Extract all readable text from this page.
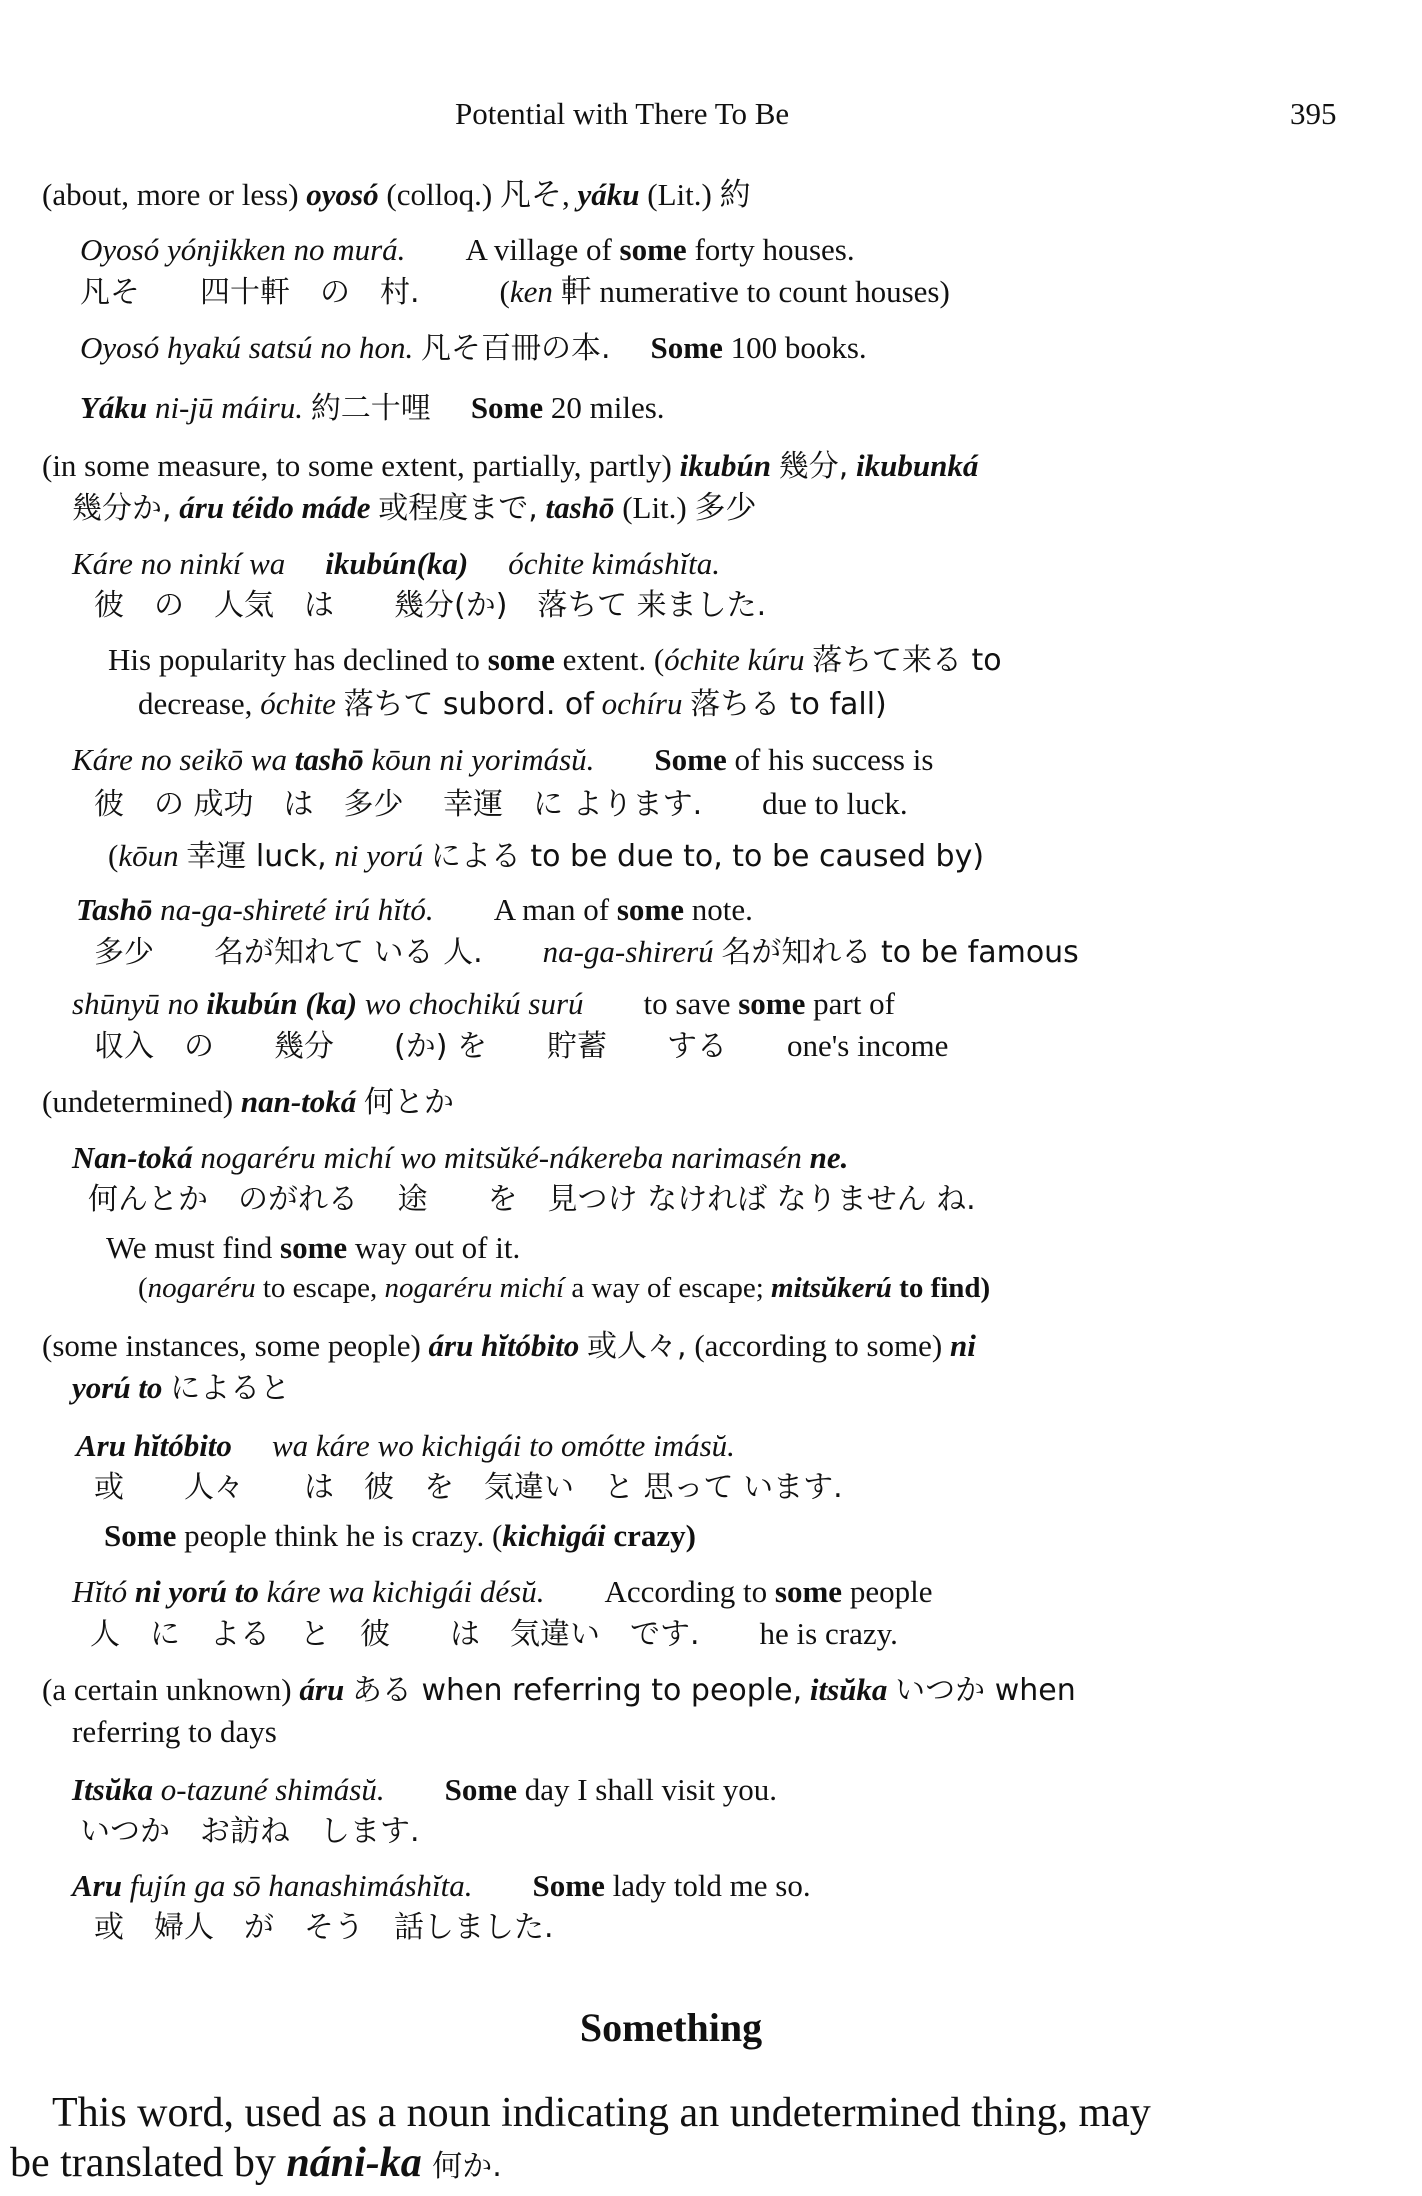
Potential with There To Be	395
(about, more or less) oyosó (colloq.) 凡そ, yáku (Lit.) 約
Oyosó yónjikken no murá. A village of some forty houses.
凡そ　　四十軒　の　村.	(ken 軒 numerative to count houses)
Oyosó hyakú satsú no hon. 凡そ百冊の本. Some 100 books.
Yáku ni-jū máiru. 約二十哩 Some 20 miles.
(in some measure, to some extent, partially, partly) ikubún 幾分, ikubunká
幾分か, áru téido máde 或程度まで, tashō (Lit.) 多少
Káre no ninkí wa ikubún(ka) óchite kimáshĭta.
彼　の　人気　は　　幾分(か)　落ちて 来ました.
His popularity has declined to some extent. (óchite kúru 落ちて来る to
decrease, óchite 落ちて subord. of ochíru 落ちる to fall)
Káre no seikō wa tashō kōun ni yorimásŭ. Some of his success is
彼　の 成功　は　多少　 幸運　に よります. due to luck.
(kōun 幸運 luck, ni yorú による to be due to, to be caused by)
Tashō na-ga-shireté irú hĭtó. A man of some note.
多少　　名が知れて いる 人. na-ga-shirerú 名が知れる to be famous
shūnyū no ikubún (ka) wo chochikú surú to save some part of
収入　の　　幾分　　(か) を　　貯蓄　　する one's income
(undetermined) nan-toká 何とか
Nan-toká nogaréru michí wo mitsŭké-nákereba narimasén ne.
何んとか　のがれる　 途　　を　見つけ なければ なりません ね.
We must find some way out of it.
(nogaréru to escape, nogaréru michí a way of escape; mitsŭkerú to find)
(some instances, some people) áru hĭtóbito 或人々, (according to some) ni
yorú to によると
Aru hĭtóbito wa káre wo kichigái to omótte imásŭ.
或　　人々　　は　彼　を　気違い　と 思って います.
Some people think he is crazy. (kichigái crazy)
Hĭtó ni yorú to káre wa kichigái désŭ. According to some people
人　に　よる　と　彼　　は　気違い　です. he is crazy.
(a certain unknown) áru ある when referring to people, itsŭka いつか when
referring to days
Itsŭka o-tazuné shimásŭ. Some day I shall visit you.
いつか　お訪ね　します.
Aru fujín ga sō hanashimáshĭta. Some lady told me so.
或　婦人　が　そう　話しました.
Something
This word, used as a noun indicating an undetermined thing, may
be translated by náni-ka 何か.
